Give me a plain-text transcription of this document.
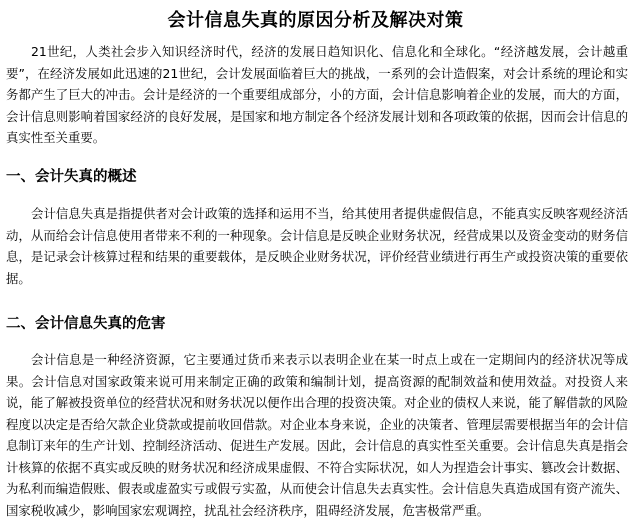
会计信息失真的原因分析及解决对策

21世纪，人类社会步入知识经济时代，经济的发展日趋知识化、信息化和全球化。“经济越发展，会计越重要”，在经济发展如此迅速的21世纪，会计发展面临着巨大的挑战，一系列的会计造假案，对会计系统的理论和实务都产生了巨大的冲击。会计是经济的一个重要组成部分，小的方面，会计信息影响着企业的发展，而大的方面，会计信息则影响着国家经济的良好发展，是国家和地方制定各个经济发展计划和各项政策的依据，因而会计信息的真实性至关重要。

一、会计失真的概述

会计信息失真是指提供者对会计政策的选择和运用不当，给其使用者提供虚假信息，不能真实反映客观经济活动，从而给会计信息使用者带来不利的一种现象。会计信息是反映企业财务状况，经营成果以及资金变动的财务信息，是记录会计核算过程和结果的重要载体，是反映企业财务状况，评价经营业绩进行再生产或投资决策的重要依据。

二、会计信息失真的危害

会计信息是一种经济资源，它主要通过货币来表示以表明企业在某一时点上或在一定期间内的经济状况等成果。会计信息对国家政策来说可用来制定正确的政策和编制计划，提高资源的配制效益和使用效益。对投资人来说，能了解被投资单位的经营状况和财务状况以便作出合理的投资决策。对企业的债权人来说，能了解借款的风险程度以决定是否给欠款企业贷款或提前收回借款。对企业本身来说，企业的决策者、管理层需要根据当年的会计信息制订来年的生产计划、控制经济活动、促进生产发展。因此，会计信息的真实性至关重要。会计信息失真是指会计核算的依据不真实或反映的财务状况和经济成果虚假、不符合实际状况，如人为捏造会计事实、篡改会计数据、为私利而编造假账、假表或虚盈实亏或假亏实盈，从而使会计信息失去真实性。会计信息失真造成国有资产流失、国家税收减少，影响国家宏观调控，扰乱社会经济秩序，阻碍经济发展，危害极常严重。
